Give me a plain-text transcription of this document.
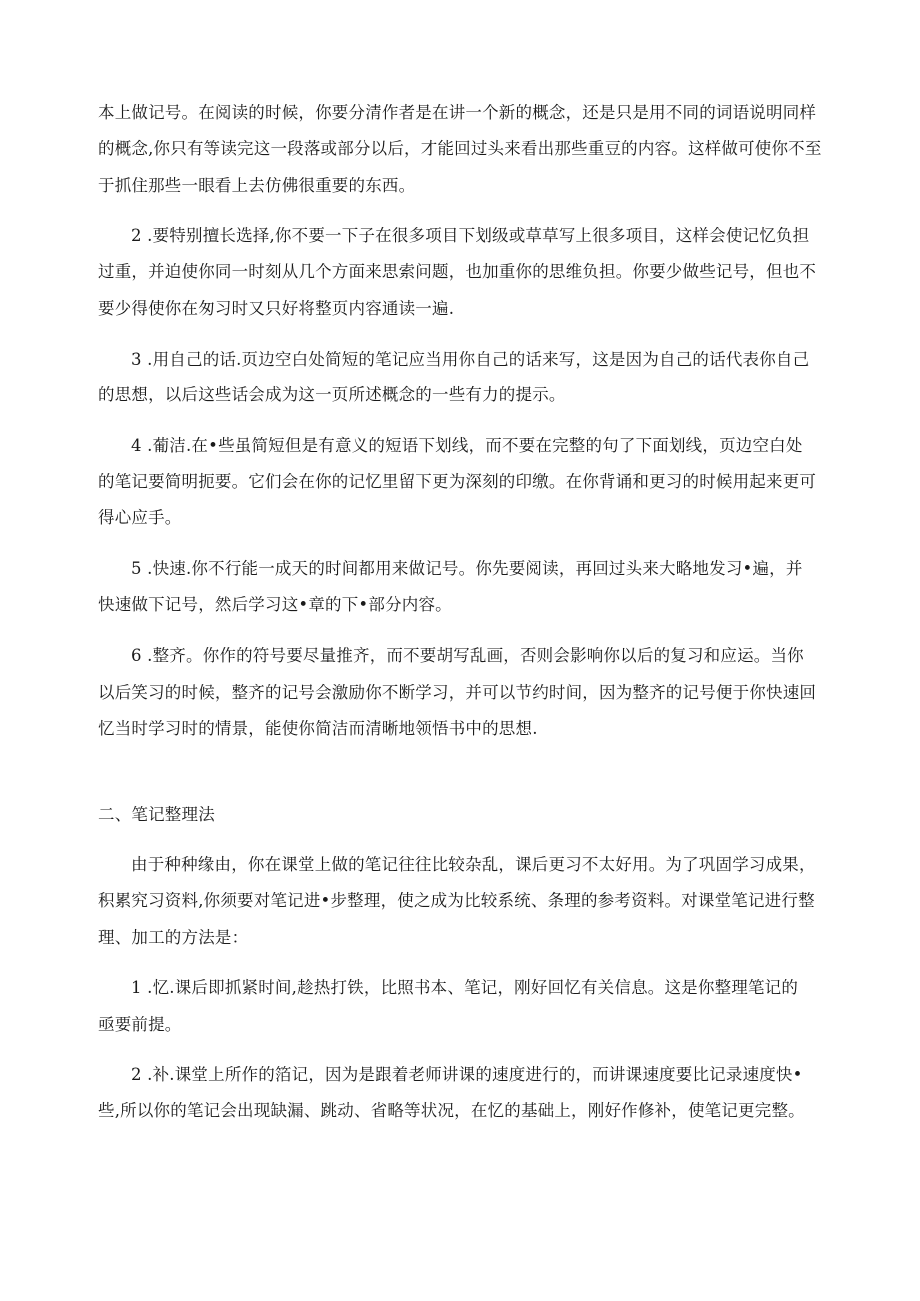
本上做记号。在阅读的时候，你要分清作者是在讲一个新的概念，还是只是用不同的词语说明同样
的概念,你只有等读完这一段落或部分以后，才能回过头来看出那些重豆的内容。这样做可使你不至
于抓住那些一眼看上去仿佛很重要的东西。
2 .要特别擅长选择,你不要一下子在很多项目下划级或草草写上很多项目，这样会使记忆负担
过重，并迫使你同一时刻从几个方面来思索问题，也加重你的思维负担。你要少做些记号，但也不
要少得使你在匆习时又只好将整页内容通读一遍.
3 .用自己的话.页边空白处简短的笔记应当用你自己的话来写，这是因为自己的话代表你自己
的思想，以后这些话会成为这一页所述概念的一些有力的提示。
4 .葡洁.在•些虽简短但是有意义的短语下划线，而不要在完整的句了下面划线，页边空白处
的笔记要简明扼要。它们会在你的记忆里留下更为深刻的印缴。在你背诵和更习的时候用起来更可
得心应手。
5 .快速.你不行能一成天的时间都用来做记号。你先要阅读，再回过头来大略地发习•遍，并
快速做下记号，然后学习这•章的下•部分内容。
6 .整齐。你作的符号要尽量推齐，而不要胡写乱画，否则会影响你以后的复习和应运。当你
以后笑习的时候，整齐的记号会激励你不断学习，并可以节约时间，因为整齐的记号便于你快速回
忆当时学习时的情景，能使你简洁而清晰地领悟书中的思想.
二、笔记整理法
由于种种缘由，你在课堂上做的笔记往往比较杂乱，课后更习不太好用。为了巩固学习成果，
积累究习资料,你须要对笔记进•步整理，使之成为比较系统、条理的参考资料。对课堂笔记进行整
理、加工的方法是：
1 .忆.课后即抓紧时间,趁热打铁，比照书本、笔记，刚好回忆有关信息。这是你整理笔记的
亟要前提。
2 .补.课堂上所作的箔记，因为是跟着老师讲课的速度进行的，而讲课速度要比记录速度快•
些,所以你的笔记会出现缺漏、跳动、省略等状况，在忆的基础上，刚好作修补，使笔记更完整。
